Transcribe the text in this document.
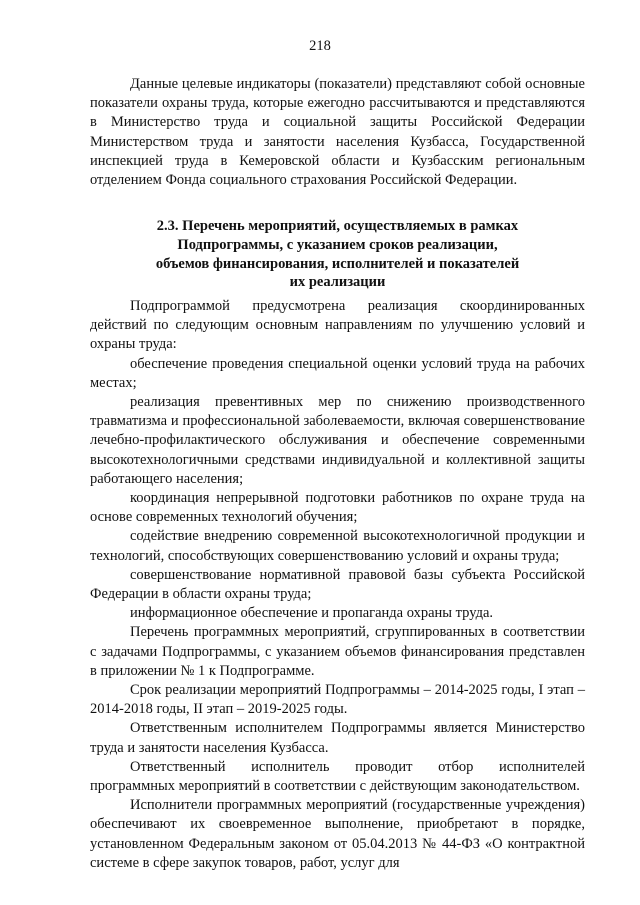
218

Данные целевые индикаторы (показатели) представляют собой основные показатели охраны труда, которые ежегодно рассчитываются и представляются в Министерство труда и социальной защиты Российской Федерации Министерством труда и занятости населения Кузбасса, Государственной инспекцией труда в Кемеровской области и Кузбасским региональным отделением Фонда социального страхования Российской Федерации.

2.3. Перечень мероприятий, осуществляемых в рамках
Подпрограммы, с указанием сроков реализации,
объемов финансирования, исполнителей и показателей
их реализации

Подпрограммой предусмотрена реализация скоординированных действий по следующим основным направлениям по улучшению условий и охраны труда:

обеспечение проведения специальной оценки условий труда на рабочих местах;

реализация превентивных мер по снижению производственного травматизма и профессиональной заболеваемости, включая совершенствование лечебно-профилактического обслуживания и обеспечение современными высокотехнологичными средствами индивидуальной и коллективной защиты работающего населения;

координация непрерывной подготовки работников по охране труда на основе современных технологий обучения;

содействие внедрению современной высокотехнологичной продукции и технологий, способствующих совершенствованию условий и охраны труда;

совершенствование нормативной правовой базы субъекта Российской Федерации в области охраны труда;

информационное обеспечение и пропаганда охраны труда.

Перечень программных мероприятий, сгруппированных в соответствии с задачами Подпрограммы, с указанием объемов финансирования представлен в приложении № 1 к Подпрограмме.

Срок реализации мероприятий Подпрограммы – 2014-2025 годы, I этап – 2014-2018 годы, II этап – 2019-2025 годы.

Ответственным исполнителем Подпрограммы является Министерство труда и занятости населения Кузбасса.

Ответственный исполнитель проводит отбор исполнителей программных мероприятий в соответствии с действующим законодательством.

Исполнители программных мероприятий (государственные учреждения) обеспечивают их своевременное выполнение, приобретают в порядке, установленном Федеральным законом от 05.04.2013 № 44-ФЗ «О контрактной системе в сфере закупок товаров, работ, услуг для
